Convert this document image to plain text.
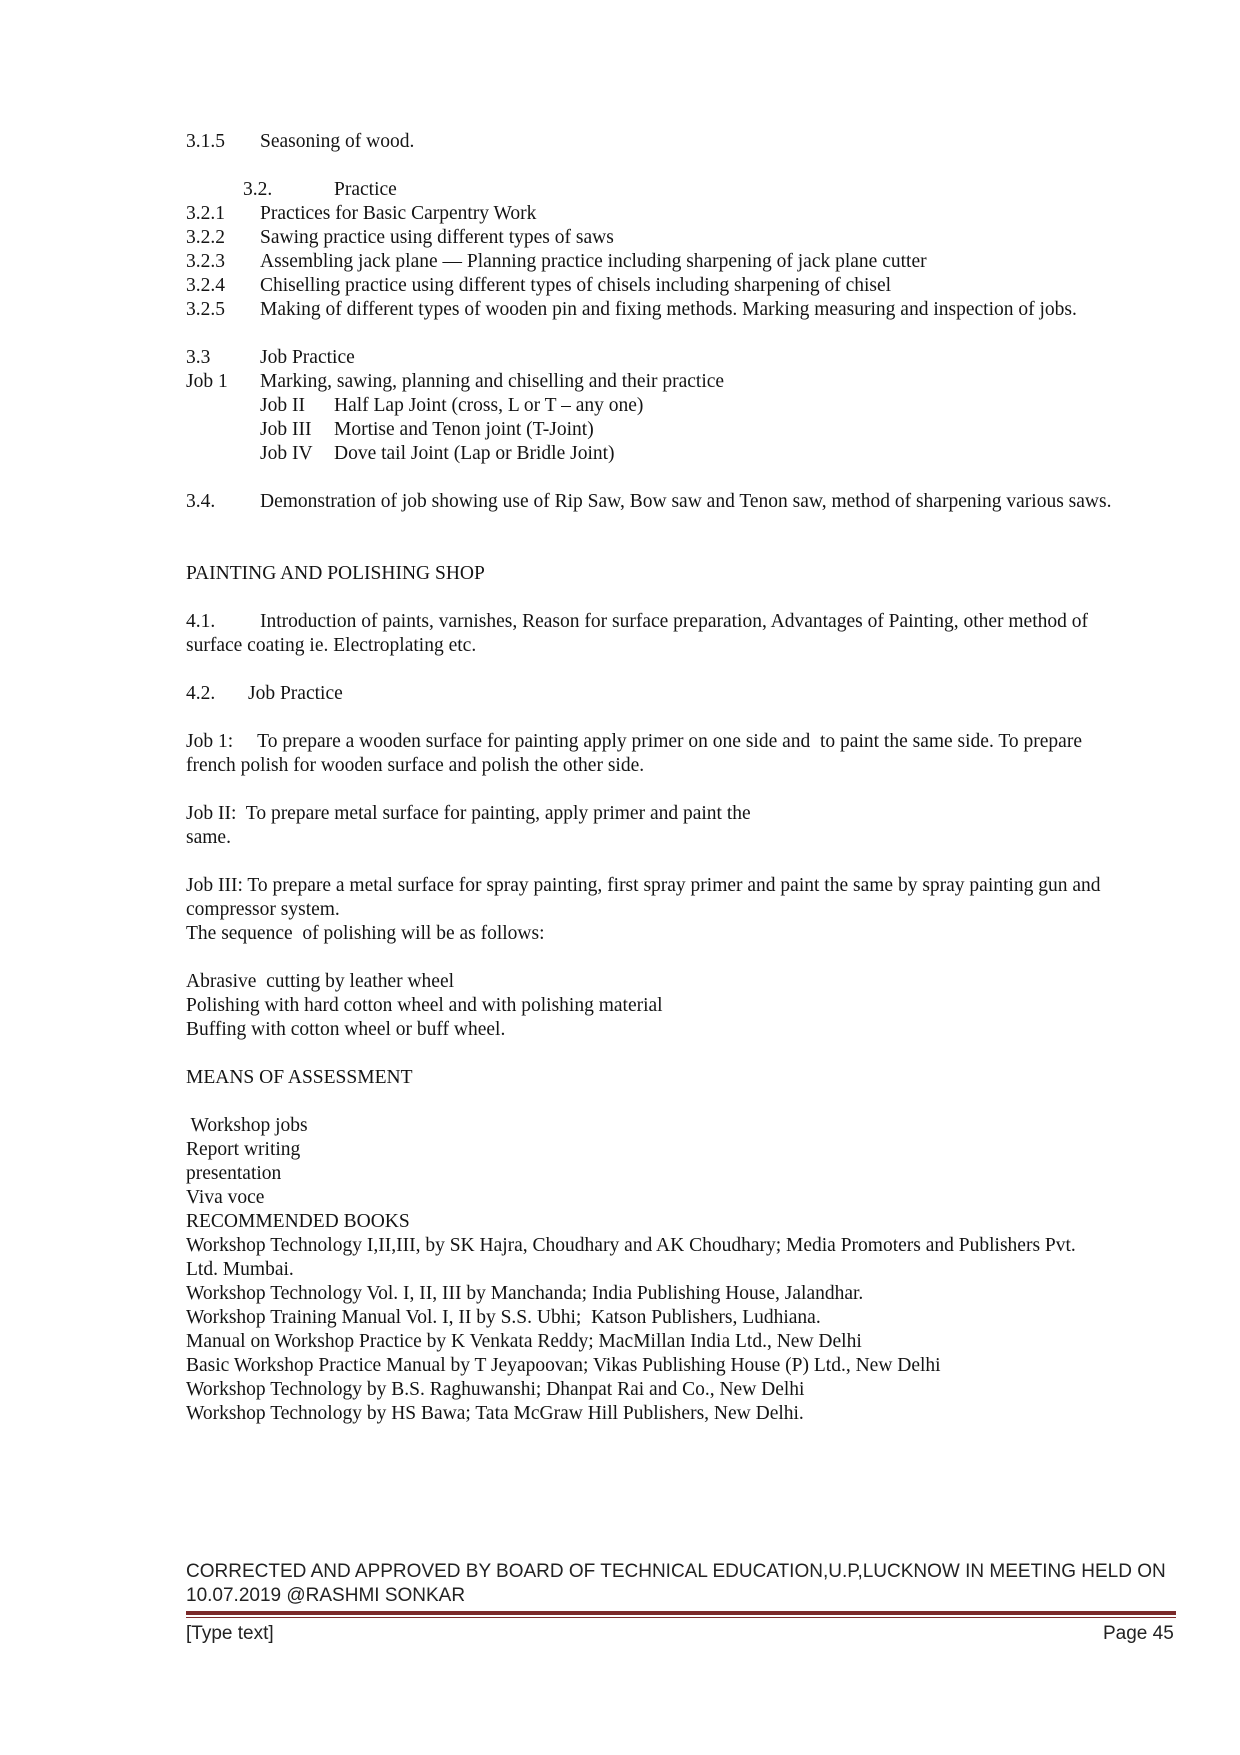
3.1.5 Seasoning of wood.
3.2.	Practice
3.2.1 Practices for Basic Carpentry Work
3.2.2 Sawing practice using different types of saws
3.2.3 Assembling jack plane — Planning practice including sharpening of jack plane cutter
3.2.4 Chiselling practice using different types of chisels including sharpening of chisel
3.2.5 Making of different types of wooden pin and fixing methods. Marking measuring and inspection of jobs.
3.3	Job Practice
Job 1 Marking, sawing, planning and chiselling and their practice
Job II Half Lap Joint (cross, L or T – any one)
Job III Mortise and Tenon joint (T-Joint)
Job IV Dove tail Joint (Lap or Bridle Joint)
3.4. Demonstration of job showing use of Rip Saw, Bow saw and Tenon saw, method of sharpening various saws.
PAINTING AND POLISHING SHOP
4.1. Introduction of paints, varnishes, Reason for surface preparation, Advantages of Painting, other method of
surface coating ie. Electroplating etc.
4.2. Job Practice
Job 1:     To prepare a wooden surface for painting apply primer on one side and  to paint the same side. To prepare
french polish for wooden surface and polish the other side.
Job II:  To prepare metal surface for painting, apply primer and paint the
same.
Job III: To prepare a metal surface for spray painting, first spray primer and paint the same by spray painting gun and
compressor system.
The sequence  of polishing will be as follows:
Abrasive  cutting by leather wheel
Polishing with hard cotton wheel and with polishing material
Buffing with cotton wheel or buff wheel.
MEANS OF ASSESSMENT
Workshop jobs
Report writing
presentation
Viva voce
RECOMMENDED BOOKS
Workshop Technology I,II,III, by SK Hajra, Choudhary and AK Choudhary; Media Promoters and Publishers Pvt.
Ltd. Mumbai.
Workshop Technology Vol. I, II, III by Manchanda; India Publishing House, Jalandhar.
Workshop Training Manual Vol. I, II by S.S. Ubhi;  Katson Publishers, Ludhiana.
Manual on Workshop Practice by K Venkata Reddy; MacMillan India Ltd., New Delhi
Basic Workshop Practice Manual by T Jeyapoovan; Vikas Publishing House (P) Ltd., New Delhi
Workshop Technology by B.S. Raghuwanshi; Dhanpat Rai and Co., New Delhi
Workshop Technology by HS Bawa; Tata McGraw Hill Publishers, New Delhi.
CORRECTED AND APPROVED BY BOARD OF TECHNICAL EDUCATION,U.P,LUCKNOW IN MEETING HELD ON
10.07.2019 @RASHMI SONKAR
[Type text]	Page 45
